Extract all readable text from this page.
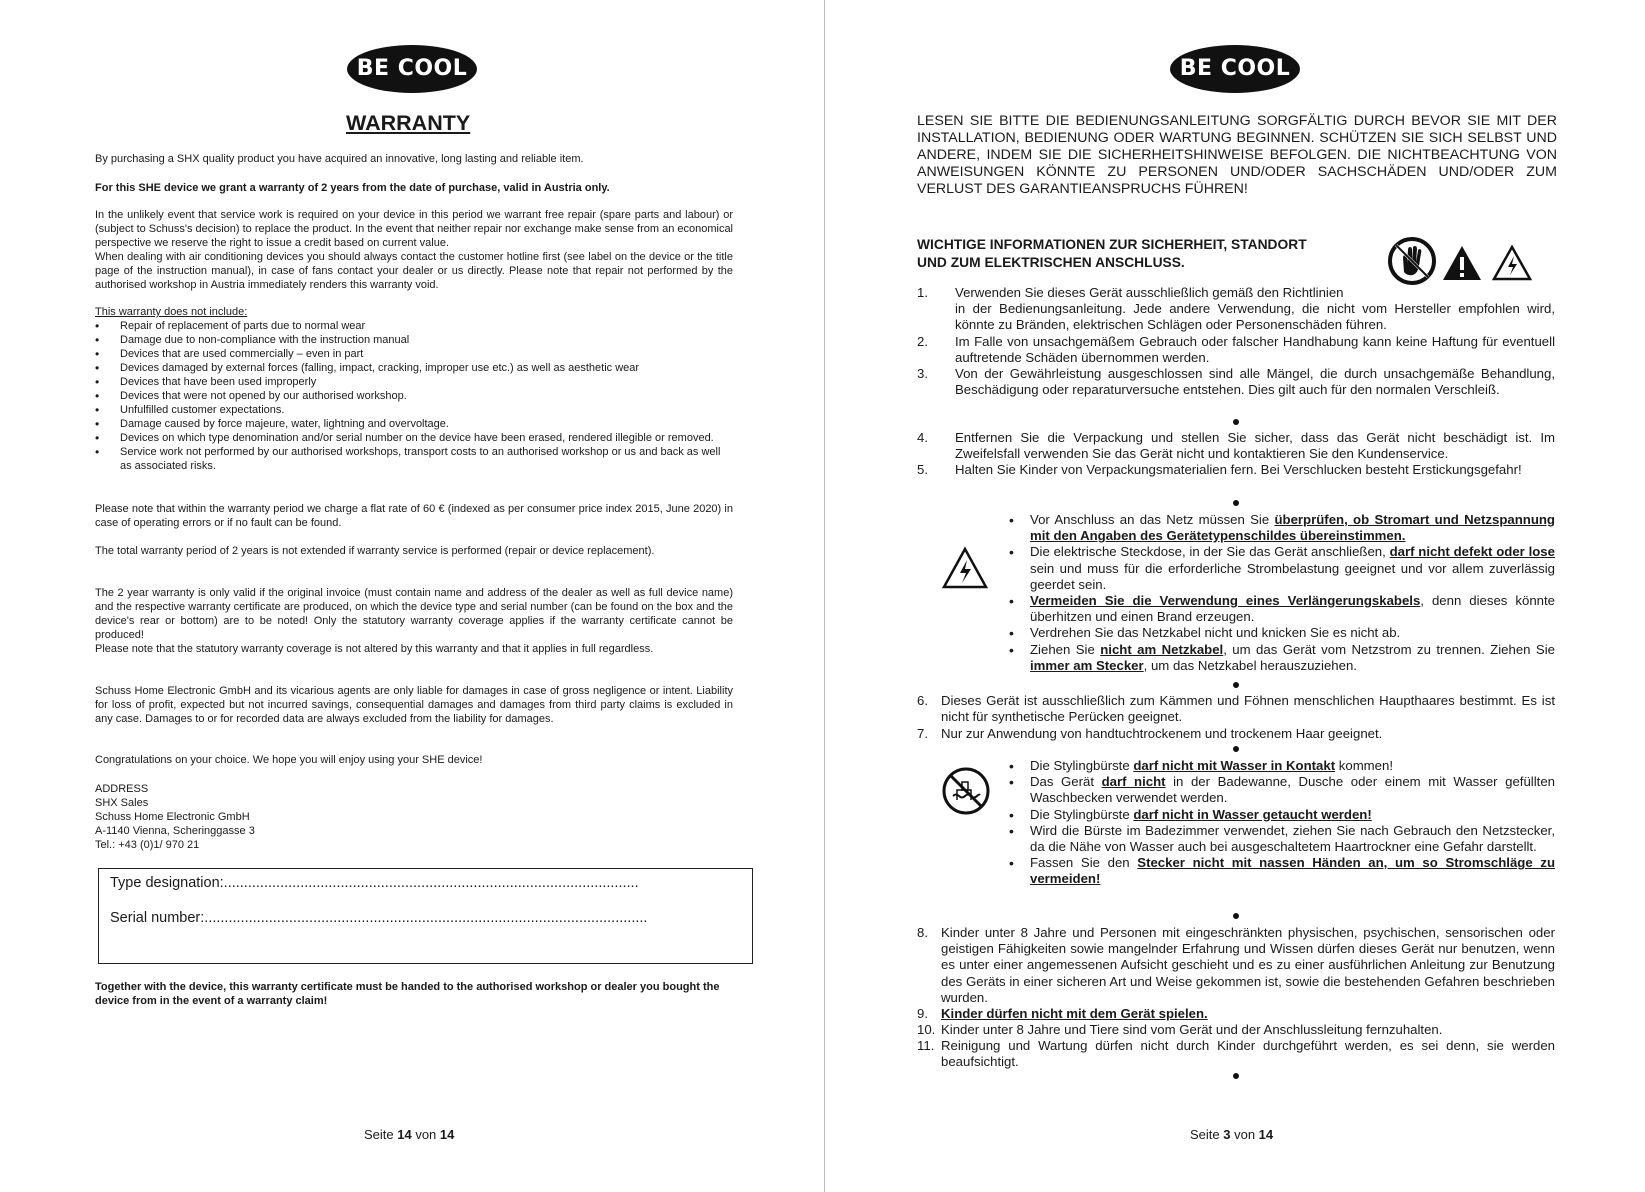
BE COOL
WARRANTY
By purchasing a SHX quality product you have acquired an innovative, long lasting and reliable item.
For this SHE device we grant a warranty of 2 years from the date of purchase, valid in Austria only.
In the unlikely event that service work is required on your device in this period we warrant free repair (spare parts and labour) or (subject to Schuss's decision) to replace the product. In the event that neither repair nor exchange make sense from an economical perspective we reserve the right to issue a credit based on current value.
When dealing with air conditioning devices you should always contact the customer hotline first (see label on the device or the title page of the instruction manual), in case of fans contact your dealer or us directly. Please note that repair not performed by the authorised workshop in Austria immediately renders this warranty void.
This warranty does not include:
• Repair of replacement of parts due to normal wear
• Damage due to non-compliance with the instruction manual
• Devices that are used commercially – even in part
• Devices damaged by external forces (falling, impact, cracking, improper use etc.) as well as aesthetic wear
• Devices that have been used improperly
• Devices that were not opened by our authorised workshop.
• Unfulfilled customer expectations.
• Damage caused by force majeure, water, lightning and overvoltage.
• Devices on which type denomination and/or serial number on the device have been erased, rendered illegible or removed.
• Service work not performed by our authorised workshops, transport costs to an authorised workshop or us and back as well as associated risks.
Please note that within the warranty period we charge a flat rate of 60 € (indexed as per consumer price index 2015, June 2020) in case of operating errors or if no fault can be found.
The total warranty period of 2 years is not extended if warranty service is performed (repair or device replacement).
The 2 year warranty is only valid if the original invoice (must contain name and address of the dealer as well as full device name) and the respective warranty certificate are produced, on which the device type and serial number (can be found on the box and the device's rear or bottom) are to be noted! Only the statutory warranty coverage applies if the warranty certificate cannot be produced!
Please note that the statutory warranty coverage is not altered by this warranty and that it applies in full regardless.
Schuss Home Electronic GmbH and its vicarious agents are only liable for damages in case of gross negligence or intent. Liability for loss of profit, expected but not incurred savings, consequential damages and damages from third party claims is excluded in any case. Damages to or for recorded data are always excluded from the liability for damages.
Congratulations on your choice. We hope you will enjoy using your SHE device!
ADDRESS
SHX Sales
Schuss Home Electronic GmbH
A-1140 Vienna, Scheringgasse 3
Tel.: +43 (0)1/ 970 21
Type designation:.......................................................................................................
Serial number:..............................................................................................................
Together with the device, this warranty certificate must be handed to the authorised workshop or dealer you bought the device from in the event of a warranty claim!
Seite 14 von 14
BE COOL
LESEN SIE BITTE DIE BEDIENUNGSANLEITUNG SORGFÄLTIG DURCH BEVOR SIE MIT DER INSTALLATION, BEDIENUNG ODER WARTUNG BEGINNEN. SCHÜTZEN SIE SICH SELBST UND ANDERE, INDEM SIE DIE SICHERHEITSHINWEISE BEFOLGEN. DIE NICHTBEACHTUNG VON ANWEISUNGEN KÖNNTE ZU PERSONEN UND/ODER SACHSCHÄDEN UND/ODER ZUM VERLUST DES GARANTIEANSPRUCHS FÜHREN!
WICHTIGE INFORMATIONEN ZUR SICHERHEIT, STANDORT
UND ZUM ELEKTRISCHEN ANSCHLUSS.
1. Verwenden Sie dieses Gerät ausschließlich gemäß den Richtlinien
in der Bedienungsanleitung. Jede andere Verwendung, die nicht vom Hersteller empfohlen wird, könnte zu Bränden, elektrischen Schlägen oder Personenschäden führen.
2. Im Falle von unsachgemäßem Gebrauch oder falscher Handhabung kann keine Haftung für eventuell auftretende Schäden übernommen werden.
3. Von der Gewährleistung ausgeschlossen sind alle Mängel, die durch unsachgemäße Behandlung, Beschädigung oder reparaturversuche entstehen. Dies gilt auch für den normalen Verschleiß.
4. Entfernen Sie die Verpackung und stellen Sie sicher, dass das Gerät nicht beschädigt ist. Im Zweifelsfall verwenden Sie das Gerät nicht und kontaktieren Sie den Kundenservice.
5. Halten Sie Kinder von Verpackungsmaterialien fern. Bei Verschlucken besteht Erstickungsgefahr!
• Vor Anschluss an das Netz müssen Sie überprüfen, ob Stromart und Netzspannung mit den Angaben des Gerätetypenschildes übereinstimmen.
• Die elektrische Steckdose, in der Sie das Gerät anschließen, darf nicht defekt oder lose sein und muss für die erforderliche Strombelastung geeignet und vor allem zuverlässig geerdet sein.
• Vermeiden Sie die Verwendung eines Verlängerungskabels, denn dieses könnte überhitzen und einen Brand erzeugen.
• Verdrehen Sie das Netzkabel nicht und knicken Sie es nicht ab.
• Ziehen Sie nicht am Netzkabel, um das Gerät vom Netzstrom zu trennen. Ziehen Sie immer am Stecker, um das Netzkabel herauszuziehen.
6. Dieses Gerät ist ausschließlich zum Kämmen und Föhnen menschlichen Haupthaares bestimmt. Es ist nicht für synthetische Perücken geeignet.
7. Nur zur Anwendung von handtuchtrockenem und trockenem Haar geeignet.
• Die Stylingbürste darf nicht mit Wasser in Kontakt kommen!
• Das Gerät darf nicht in der Badewanne, Dusche oder einem mit Wasser gefüllten Waschbecken verwendet werden.
• Die Stylingbürste darf nicht in Wasser getaucht werden!
• Wird die Bürste im Badezimmer verwendet, ziehen Sie nach Gebrauch den Netzstecker, da die Nähe von Wasser auch bei ausgeschaltetem Haartrockner eine Gefahr darstellt.
• Fassen Sie den Stecker nicht mit nassen Händen an, um so Stromschläge zu vermeiden!
8. Kinder unter 8 Jahre und Personen mit eingeschränkten physischen, psychischen, sensorischen oder geistigen Fähigkeiten sowie mangelnder Erfahrung und Wissen dürfen dieses Gerät nur benutzen, wenn es unter einer angemessenen Aufsicht geschieht und es zu einer ausführlichen Anleitung zur Benutzung des Geräts in einer sicheren Art und Weise gekommen ist, sowie die bestehenden Gefahren beschrieben wurden.
9. Kinder dürfen nicht mit dem Gerät spielen.
10. Kinder unter 8 Jahre und Tiere sind vom Gerät und der Anschlussleitung fernzuhalten.
11. Reinigung und Wartung dürfen nicht durch Kinder durchgeführt werden, es sei denn, sie werden beaufsichtigt.
Seite 3 von 14
